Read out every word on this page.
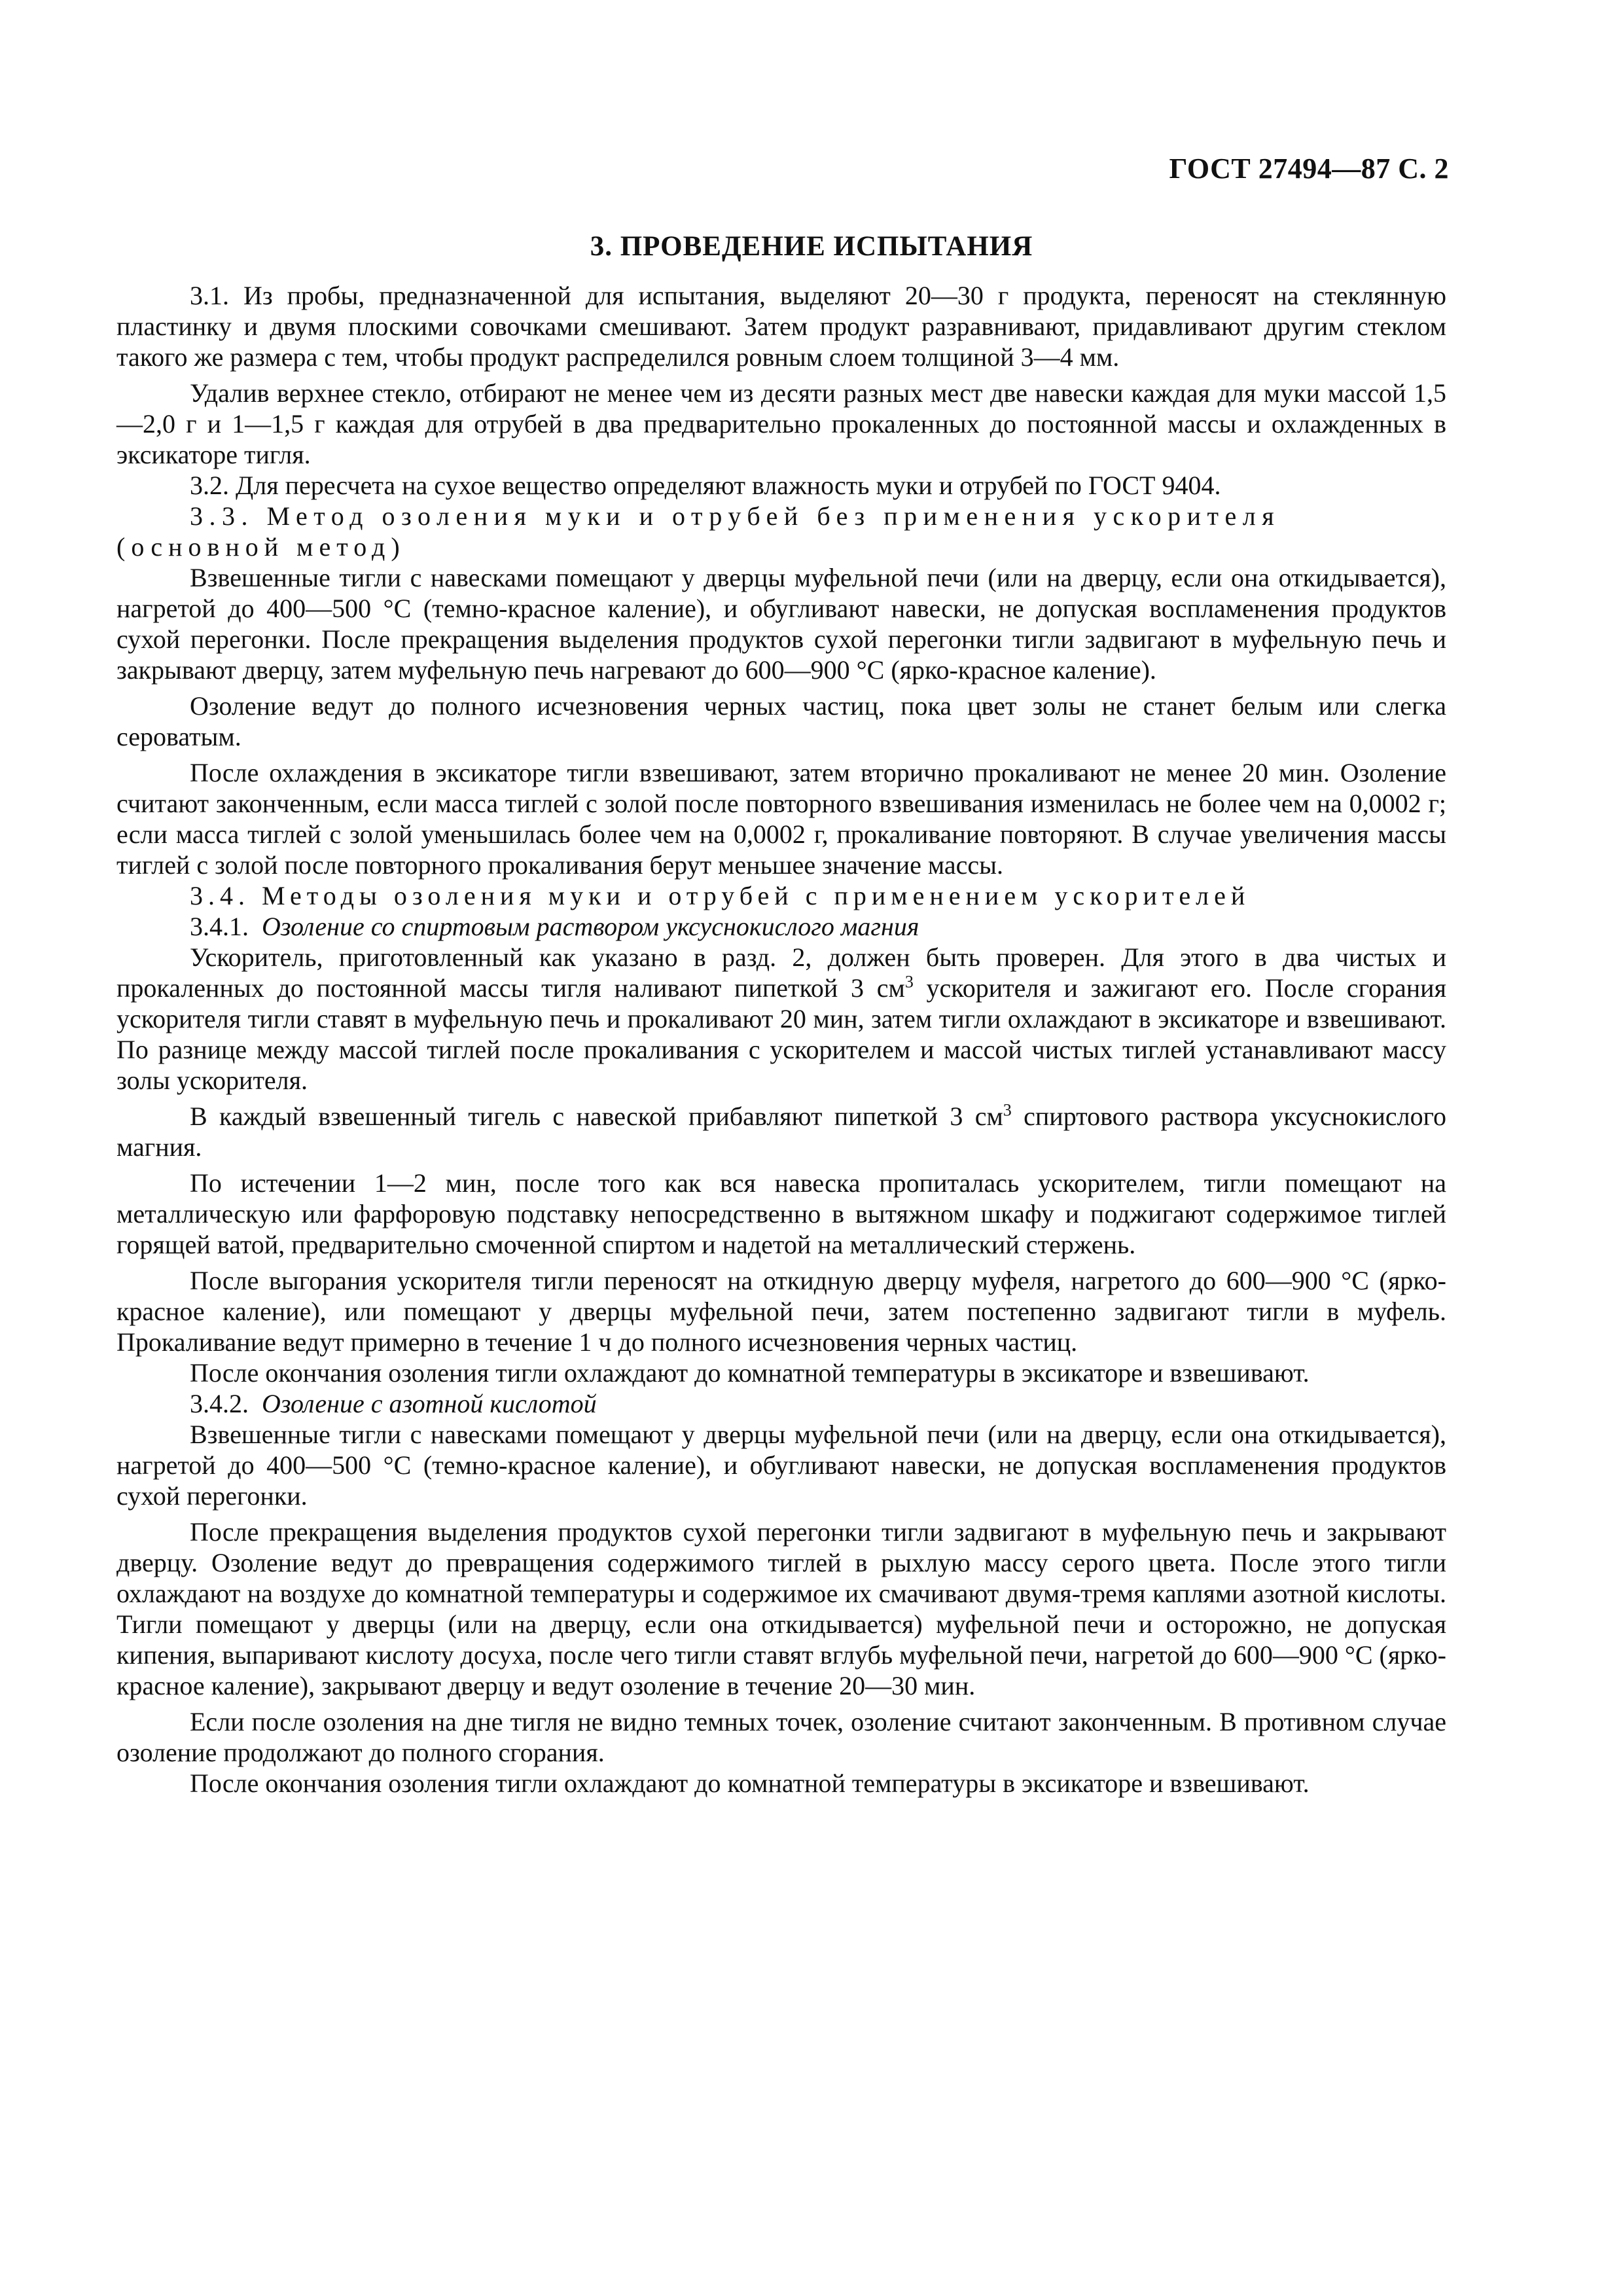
ГОСТ 27494—87 С. 2
3. ПРОВЕДЕНИЕ ИСПЫТАНИЯ

3.1. Из пробы, предназначенной для испытания, выделяют 20—30 г продукта, переносят на стеклянную пластинку и двумя плоскими совочками смешивают. Затем продукт разравнивают, придавливают другим стеклом такого же размера с тем, чтобы продукт распределился ровным слоем толщиной 3—4 мм.

Удалив верхнее стекло, отбирают не менее чем из десяти разных мест две навески каждая для муки массой 1,5—2,0 г и 1—1,5 г каждая для отрубей в два предварительно прокаленных до постоянной массы и охлажденных в эксикаторе тигля.

3.2. Для пересчета на сухое вещество определяют влажность муки и отрубей по ГОСТ 9404.

3.3. Метод озоления муки и отрубей без применения ускорителя

(основной метод)

Взвешенные тигли с навесками помещают у дверцы муфельной печи (или на дверцу, если она откидывается), нагретой до 400—500 °С (темно-красное каление), и обугливают навески, не допуская воспламенения продуктов сухой перегонки. После прекращения выделения продуктов сухой перегонки тигли задвигают в муфельную печь и закрывают дверцу, затем муфельную печь нагревают до 600—900 °С (ярко-красное каление).

Озоление ведут до полного исчезновения черных частиц, пока цвет золы не станет белым или слегка сероватым.

После охлаждения в эксикаторе тигли взвешивают, затем вторично прокаливают не менее 20 мин. Озоление считают законченным, если масса тиглей с золой после повторного взвешивания изменилась не более чем на 0,0002 г; если масса тиглей с золой уменьшилась более чем на 0,0002 г, прокаливание повторяют. В случае увеличения массы тиглей с золой после повторного прокаливания берут меньшее значение массы.

3.4. Методы озоления муки и отрубей с применением ускорителей

3.4.1. Озоление со спиртовым раствором уксуснокислого магния

Ускоритель, приготовленный как указано в разд. 2, должен быть проверен. Для этого в два чистых и прокаленных до постоянной массы тигля наливают пипеткой 3 $см^3$ ускорителя и зажигают его. После сгорания ускорителя тигли ставят в муфельную печь и прокаливают 20 мин, затем тигли охлаждают в эксикаторе и взвешивают. По разнице между массой тиглей после прокаливания с ускорителем и массой чистых тиглей устанавливают массу золы ускорителя.

В каждый взвешенный тигель с навеской прибавляют пипеткой 3 $см^3$ спиртового раствора уксуснокислого магния.

По истечении 1—2 мин, после того как вся навеска пропиталась ускорителем, тигли помещают на металлическую или фарфоровую подставку непосредственно в вытяжном шкафу и поджигают содержимое тиглей горящей ватой, предварительно смоченной спиртом и надетой на металлический стержень.

После выгорания ускорителя тигли переносят на откидную дверцу муфеля, нагретого до 600—900 °С (ярко-красное каление), или помещают у дверцы муфельной печи, затем постепенно задвигают тигли в муфель. Прокаливание ведут примерно в течение 1 ч до полного исчезновения черных частиц.

После окончания озоления тигли охлаждают до комнатной температуры в эксикаторе и взвешивают.

3.4.2. Озоление с азотной кислотой

Взвешенные тигли с навесками помещают у дверцы муфельной печи (или на дверцу, если она откидывается), нагретой до 400—500 °С (темно-красное каление), и обугливают навески, не допуская воспламенения продуктов сухой перегонки.

После прекращения выделения продуктов сухой перегонки тигли задвигают в муфельную печь и закрывают дверцу. Озоление ведут до превращения содержимого тиглей в рыхлую массу серого цвета. После этого тигли охлаждают на воздухе до комнатной температуры и содержимое их смачивают двумя-тремя каплями азотной кислоты. Тигли помещают у дверцы (или на дверцу, если она откидывается) муфельной печи и осторожно, не допуская кипения, выпаривают кислоту досуха, после чего тигли ставят вглубь муфельной печи, нагретой до 600—900 °С (ярко-красное каление), закрывают дверцу и ведут озоление в течение 20—30 мин.

Если после озоления на дне тигля не видно темных точек, озоление считают законченным. В противном случае озоление продолжают до полного сгорания.

После окончания озоления тигли охлаждают до комнатной температуры в эксикаторе и взвешивают.
